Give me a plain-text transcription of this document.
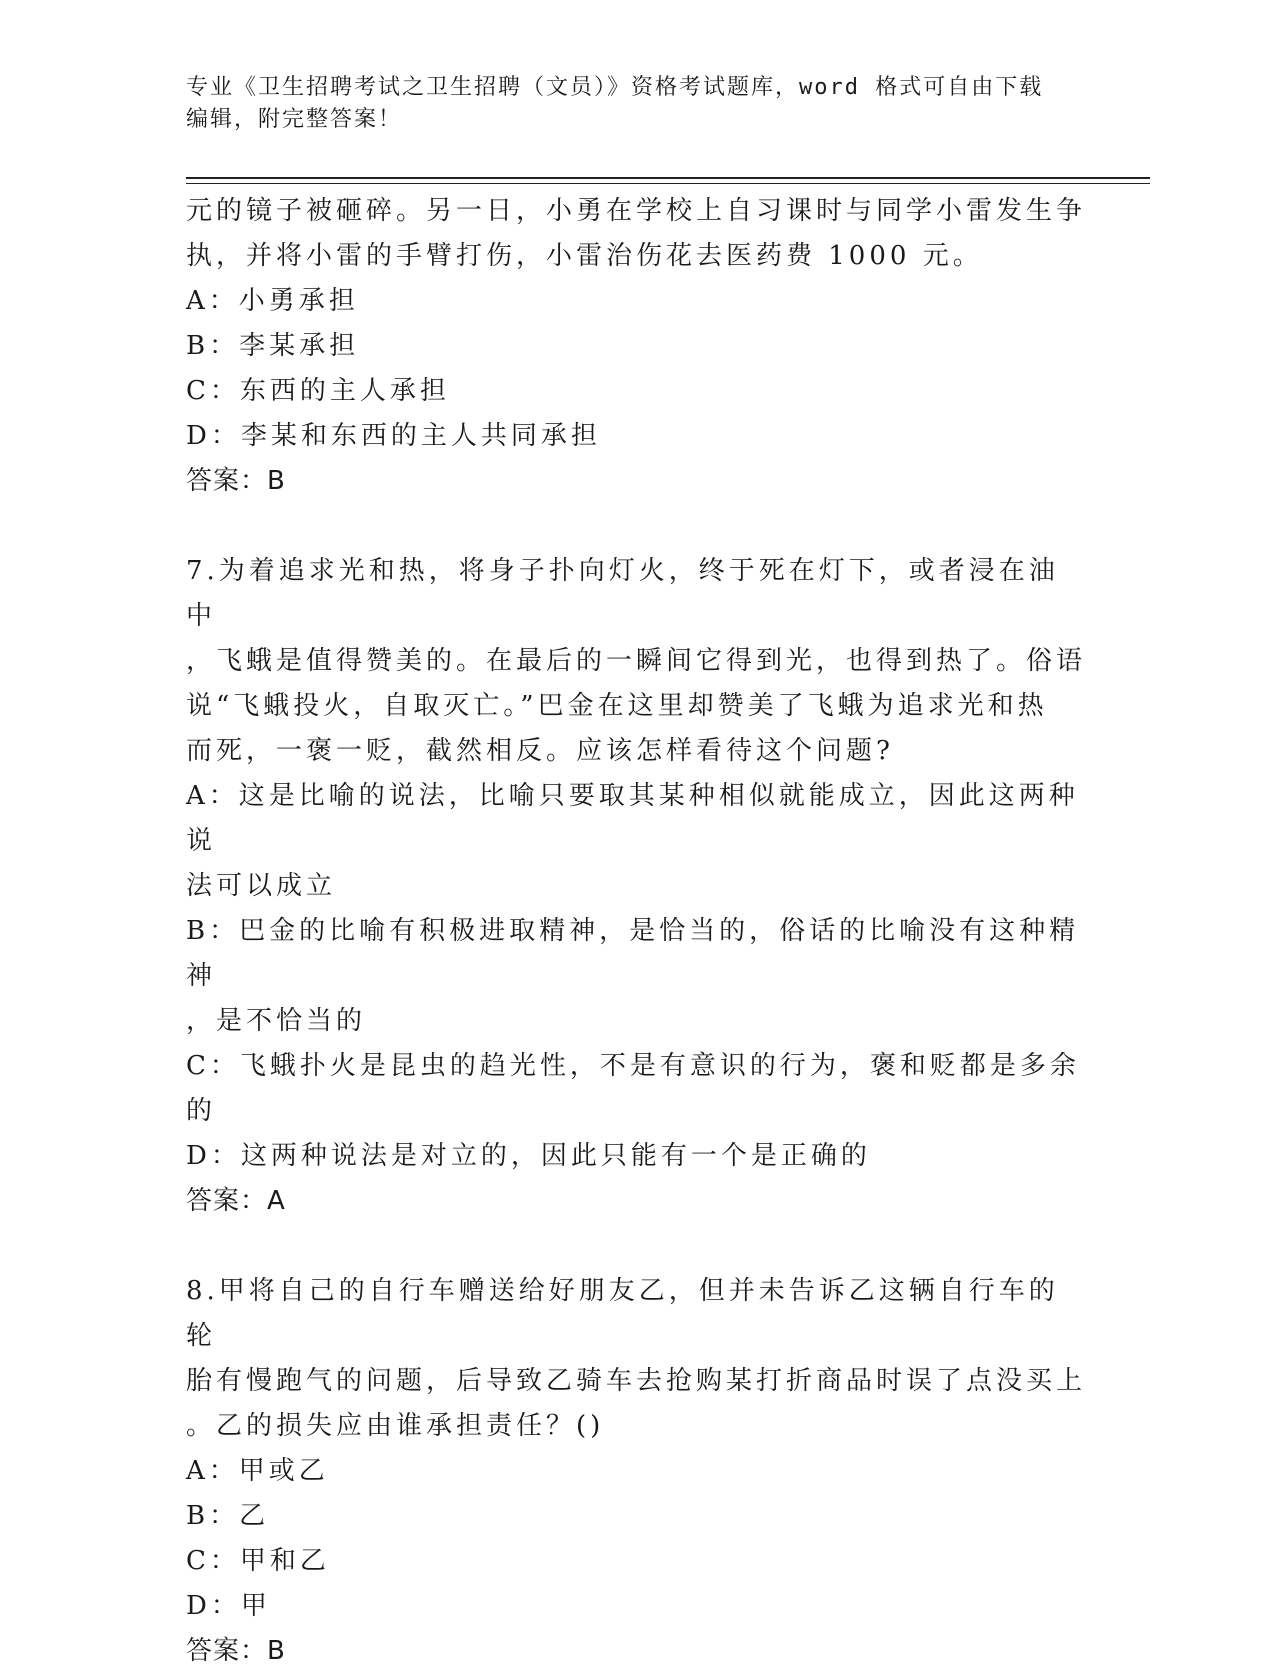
专业《卫生招聘考试之卫生招聘（文员）》资格考试题库，word 格式可自由下载
编辑，附完整答案！

元的镜子被砸碎。另一日，小勇在学校上自习课时与同学小雷发生争

执，并将小雷的手臂打伤，小雷治伤花去医药费 1000 元。

A：小勇承担

B：李某承担

C：东西的主人承担

D：李某和东西的主人共同承担

答案：B

7.为着追求光和热，将身子扑向灯火，终于死在灯下，或者浸在油中

，飞蛾是值得赞美的。在最后的一瞬间它得到光，也得到热了。俗语

说“飞蛾投火，自取灭亡。”巴金在这里却赞美了飞蛾为追求光和热

而死，一褒一贬，截然相反。应该怎样看待这个问题?

A：这是比喻的说法，比喻只要取其某种相似就能成立，因此这两种说

法可以成立

B：巴金的比喻有积极进取精神，是恰当的，俗话的比喻没有这种精神

，是不恰当的

C：飞蛾扑火是昆虫的趋光性，不是有意识的行为，褒和贬都是多余的

D：这两种说法是对立的，因此只能有一个是正确的

答案：A

8.甲将自己的自行车赠送给好朋友乙，但并未告诉乙这辆自行车的轮

胎有慢跑气的问题，后导致乙骑车去抢购某打折商品时误了点没买上

。乙的损失应由谁承担责任？()

A：甲或乙

B：乙

C：甲和乙

D：甲

答案：B
